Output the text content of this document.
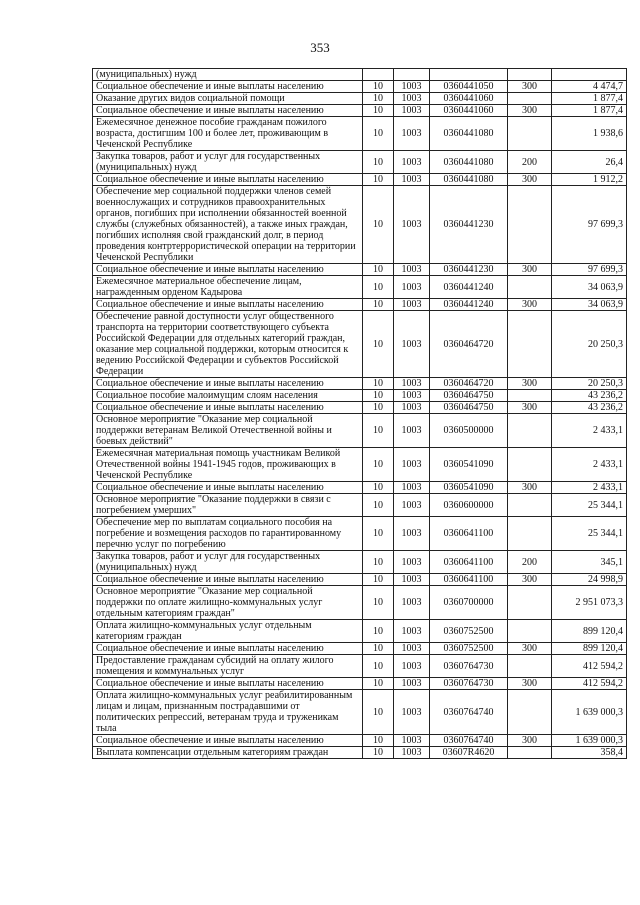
353
(муниципальных) нужд					
Социальное обеспечение и иные выплаты населению	10	1003	0360441050	300	4 474,7
Оказание других видов социальной помощи	10	1003	0360441060		1 877,4
Социальное обеспечение и иные выплаты населению	10	1003	0360441060	300	1 877,4
Ежемесячное денежное пособие гражданам пожилого возраста, достигшим 100 и более лет, проживающим в Чеченской Республике	10	1003	0360441080		1 938,6
Закупка товаров, работ и услуг для государственных (муниципальных) нужд	10	1003	0360441080	200	26,4
Социальное обеспечение и иные выплаты населению	10	1003	0360441080	300	1 912,2
Обеспечение мер социальной поддержки членов семей военнослужащих и сотрудников правоохранительных органов, погибших при исполнении обязанностей военной службы (служебных обязанностей), а также иных граждан, погибших исполняя свой гражданский долг, в период проведения контртеррористической операции на территории Чеченской Республики	10	1003	0360441230		97 699,3
Социальное обеспечение и иные выплаты населению	10	1003	0360441230	300	97 699,3
Ежемесячное материальное обеспечение лицам, награжденным орденом Кадырова	10	1003	0360441240		34 063,9
Социальное обеспечение и иные выплаты населению	10	1003	0360441240	300	34 063,9
Обеспечение равной доступности услуг общественного транспорта на территории соответствующего субъекта Российской Федерации для отдельных категорий граждан, оказание мер социальной поддержки, которым относится к ведению Российской Федерации и субъектов Российской Федерации	10	1003	0360464720		20 250,3
Социальное обеспечение и иные выплаты населению	10	1003	0360464720	300	20 250,3
Социальное пособие малоимущим слоям населения	10	1003	0360464750		43 236,2
Социальное обеспечение и иные выплаты населению	10	1003	0360464750	300	43 236,2
Основное мероприятие "Оказание мер социальной поддержки ветеранам Великой Отечественной войны и боевых действий"	10	1003	0360500000		2 433,1
Ежемесячная материальная помощь участникам Великой Отечественной войны 1941-1945 годов, проживающих в Чеченской Республике	10	1003	0360541090		2 433,1
Социальное обеспечение и иные выплаты населению	10	1003	0360541090	300	2 433,1
Основное мероприятие "Оказание поддержки в связи с погребением умерших"	10	1003	0360600000		25 344,1
Обеспечение мер по выплатам социального пособия на погребение и возмещения расходов по гарантированному перечню услуг по погребению	10	1003	0360641100		25 344,1
Закупка товаров, работ и услуг для государственных (муниципальных) нужд	10	1003	0360641100	200	345,1
Социальное обеспечение и иные выплаты населению	10	1003	0360641100	300	24 998,9
Основное мероприятие "Оказание мер социальной поддержки по оплате жилищно-коммунальных услуг отдельным категориям граждан"	10	1003	0360700000		2 951 073,3
Оплата жилищно-коммунальных услуг отдельным категориям граждан	10	1003	0360752500		899 120,4
Социальное обеспечение и иные выплаты населению	10	1003	0360752500	300	899 120,4
Предоставление гражданам субсидий на оплату жилого помещения и коммунальных услуг	10	1003	0360764730		412 594,2
Социальное обеспечение и иные выплаты населению	10	1003	0360764730	300	412 594,2
Оплата жилищно-коммунальных услуг реабилитированным лицам и лицам, признанным пострадавшими от политических репрессий, ветеранам труда и труженикам тыла	10	1003	0360764740		1 639 000,3
Социальное обеспечение и иные выплаты населению	10	1003	0360764740	300	1 639 000,3
Выплата компенсации отдельным категориям граждан	10	1003	03607R4620		358,4
